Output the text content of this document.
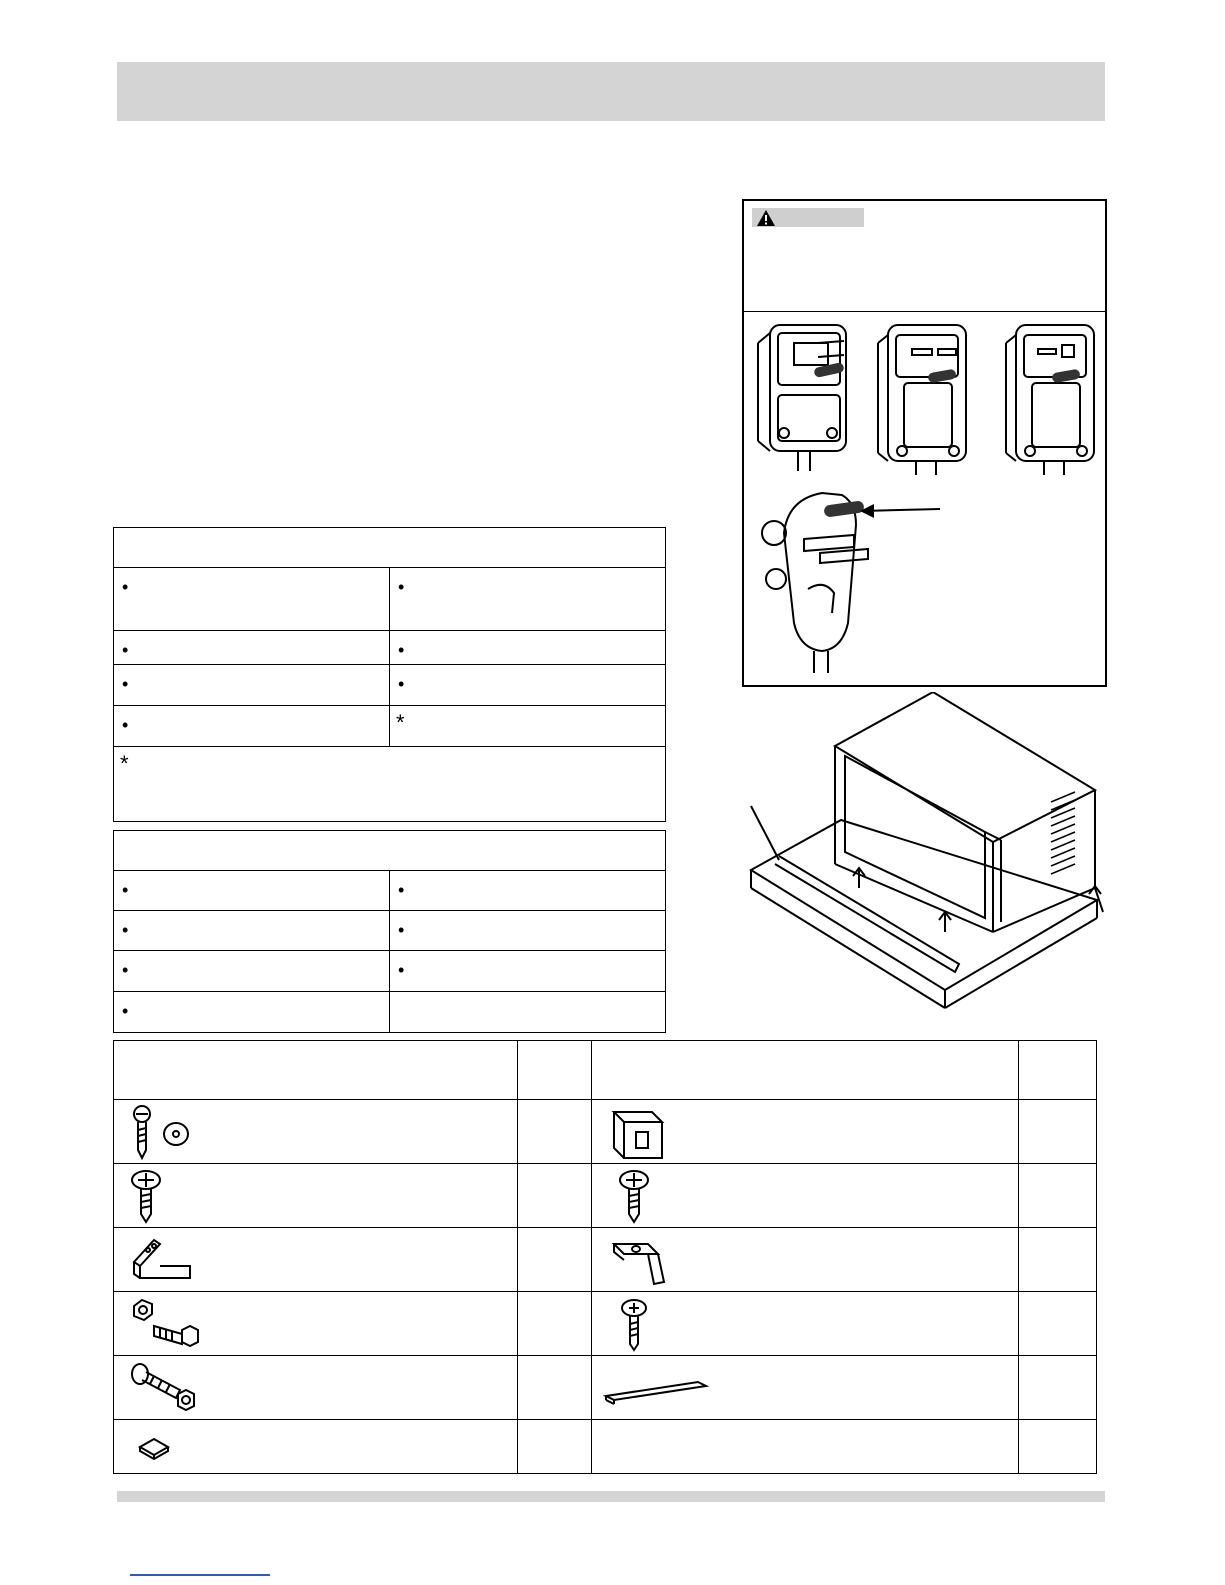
•	•
•	•
•	•
•	*
*	

•	•
•	•
•	•
•	
